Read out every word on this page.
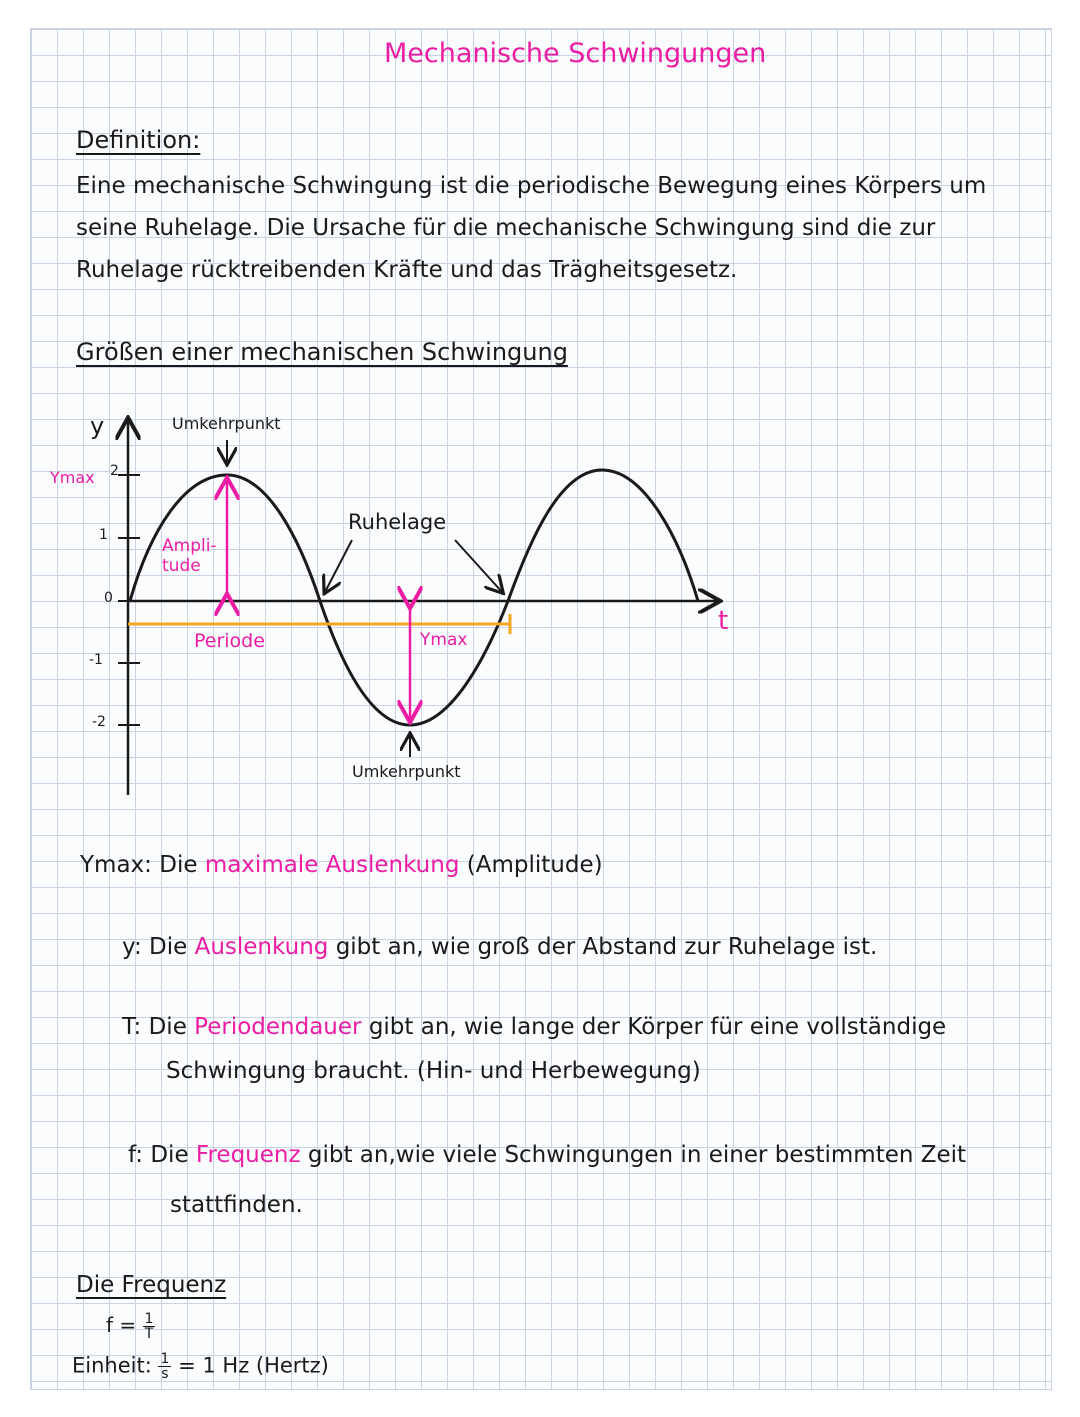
Mechanische Schwingungen
Definition:
Eine mechanische Schwingung ist die periodische Bewegung eines Körpers um
seine Ruhelage. Die Ursache für die mechanische Schwingung sind die zur
Ruhelage rücktreibenden Kräfte und das Trägheitsgesetz.
Größen einer mechanischen Schwingung
y
Ymax 2
1
0
-1
-2
t
Umkehrpunkt
Umkehrpunkt
Ruhelage
Ampli-
tude
Periode	Ymax
Ymax: Die maximale Auslenkung (Amplitude)
y: Die Auslenkung gibt an, wie groß der Abstand zur Ruhelage ist.
T: Die Periodendauer gibt an, wie lange der Körper für eine vollständige
Schwingung braucht. (Hin- und Herbewegung)
f: Die Frequenz gibt an,wie viele Schwingungen in einer bestimmten Zeit
stattfinden.
Die Frequenz
$f = \frac{1}{T}$
Einheit: $\frac{1}{s} = 1$ Hz (Hertz)
